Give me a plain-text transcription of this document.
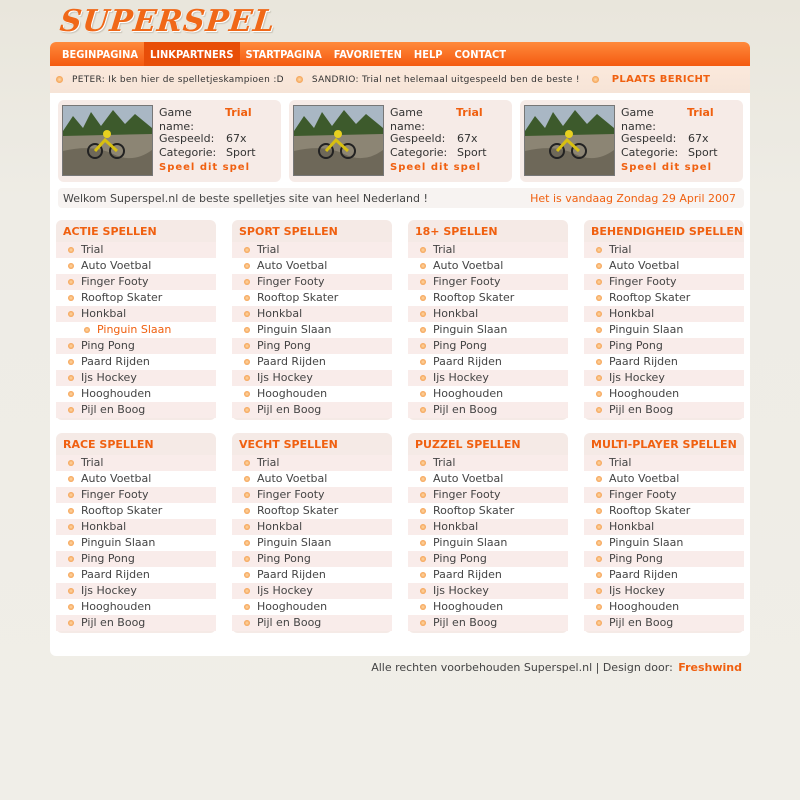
SUPERSPEL
BEGINPAGINA	LINKPARTNERS	STARTPAGINA	FAVORIETEN	HELP	CONTACT
PETER: Ik ben hier de spelletjeskampioen :D	SANDRIO: Trial net helemaal uitgespeeld ben de beste !	PLAATS BERICHT
Game name:
Trial
Gespeeld:	67x
Categorie: Sport
Speel dit spel
Game name:
Trial
Gespeeld:	67x
Categorie: Sport
Speel dit spel
Game name:
Trial
Gespeeld:	67x
Categorie: Sport
Speel dit spel
Welkom Superspel.nl de beste spelletjes site van heel Nederland !	Het is vandaag Zondag 29 April 2007
ACTIE SPELLEN
Trial
Auto Voetbal
Finger Footy
Rooftop Skater
Honkbal
Pinguin Slaan
Ping Pong
Paard Rijden
Ijs Hockey
Hooghouden
Pijl en Boog
SPORT SPELLEN
Trial
Auto Voetbal
Finger Footy
Rooftop Skater
Honkbal
Pinguin Slaan
Ping Pong
Paard Rijden
Ijs Hockey
Hooghouden
Pijl en Boog
18+ SPELLEN
Trial
Auto Voetbal
Finger Footy
Rooftop Skater
Honkbal
Pinguin Slaan
Ping Pong
Paard Rijden
Ijs Hockey
Hooghouden
Pijl en Boog
BEHENDIGHEID SPELLEN
Trial
Auto Voetbal
Finger Footy
Rooftop Skater
Honkbal
Pinguin Slaan
Ping Pong
Paard Rijden
Ijs Hockey
Hooghouden
Pijl en Boog
RACE SPELLEN
Trial
Auto Voetbal
Finger Footy
Rooftop Skater
Honkbal
Pinguin Slaan
Ping Pong
Paard Rijden
Ijs Hockey
Hooghouden
Pijl en Boog
VECHT SPELLEN
Trial
Auto Voetbal
Finger Footy
Rooftop Skater
Honkbal
Pinguin Slaan
Ping Pong
Paard Rijden
Ijs Hockey
Hooghouden
Pijl en Boog
PUZZEL SPELLEN
Trial
Auto Voetbal
Finger Footy
Rooftop Skater
Honkbal
Pinguin Slaan
Ping Pong
Paard Rijden
Ijs Hockey
Hooghouden
Pijl en Boog
MULTI-PLAYER SPELLEN
Trial
Auto Voetbal
Finger Footy
Rooftop Skater
Honkbal
Pinguin Slaan
Ping Pong
Paard Rijden
Ijs Hockey
Hooghouden
Pijl en Boog
Alle rechten voorbehouden Superspel.nl | Design door: Freshwind
